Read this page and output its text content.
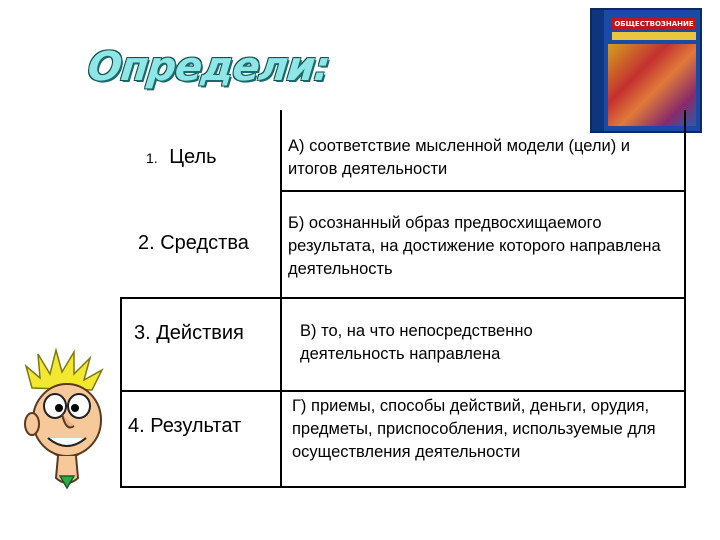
Определи:
ОБЩЕСТВОЗНАНИЕ
1. Цель	А) соответствие мысленной модели (цели) и итогов деятельности
2. Средства
Б) осознанный образ предвосхищаемого результата, на достижение которого направлена деятельность
3. Действия	В) то, на что непосредственно деятельность направлена
4. Результат
Г) приемы, способы действий, деньги, орудия, предметы, приспособления, используемые для осуществления деятельности
